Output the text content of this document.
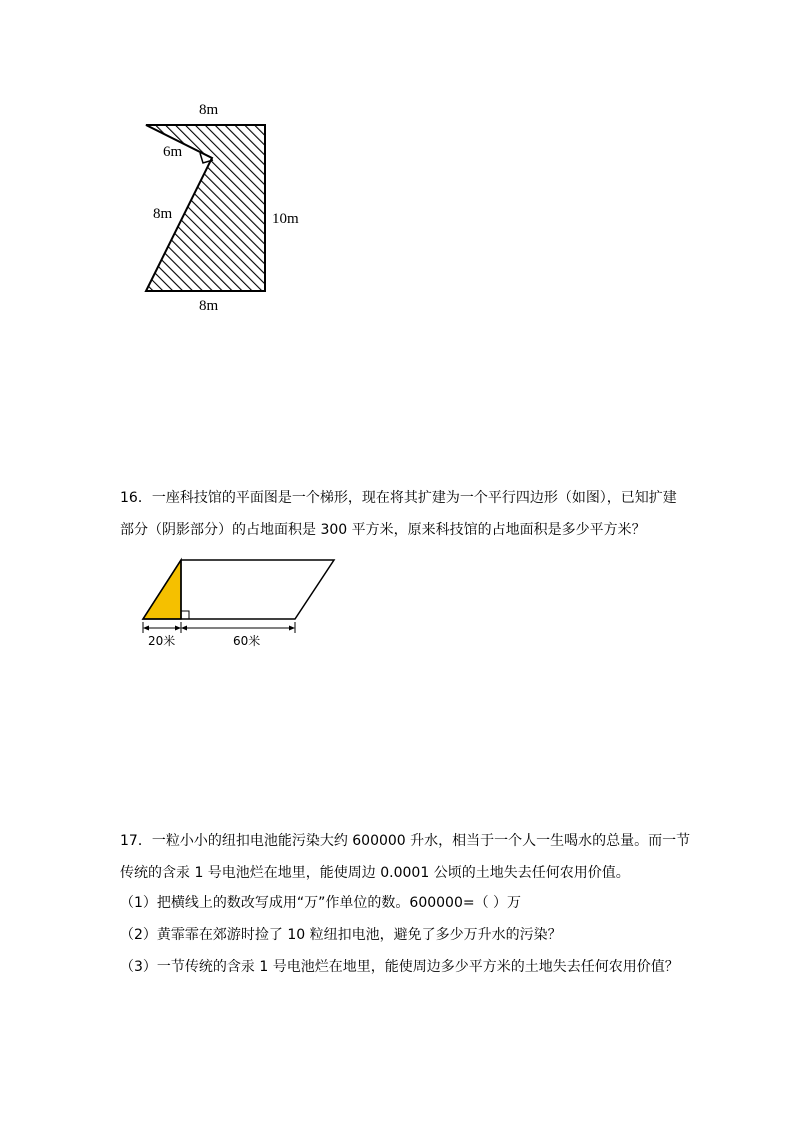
8m
6m
8m	10m
8m
16．一座科技馆的平面图是一个梯形，现在将其扩建为一个平行四边形（如图），已知扩建
部分（阴影部分）的占地面积是 300 平方米，原来科技馆的占地面积是多少平方米？
20米	60米
17．一粒小小的纽扣电池能污染大约 600000 升水，相当于一个人一生喝水的总量。而一节
传统的含汞 1 号电池烂在地里，能使周边 0.0001 公顷的土地失去任何农用价值。
（1）把横线上的数改写成用“万”作单位的数。600000=（ ）万
（2）黄霏霏在郊游时捡了 10 粒纽扣电池，避免了多少万升水的污染？
（3）一节传统的含汞 1 号电池烂在地里，能使周边多少平方米的土地失去任何农用价值？
